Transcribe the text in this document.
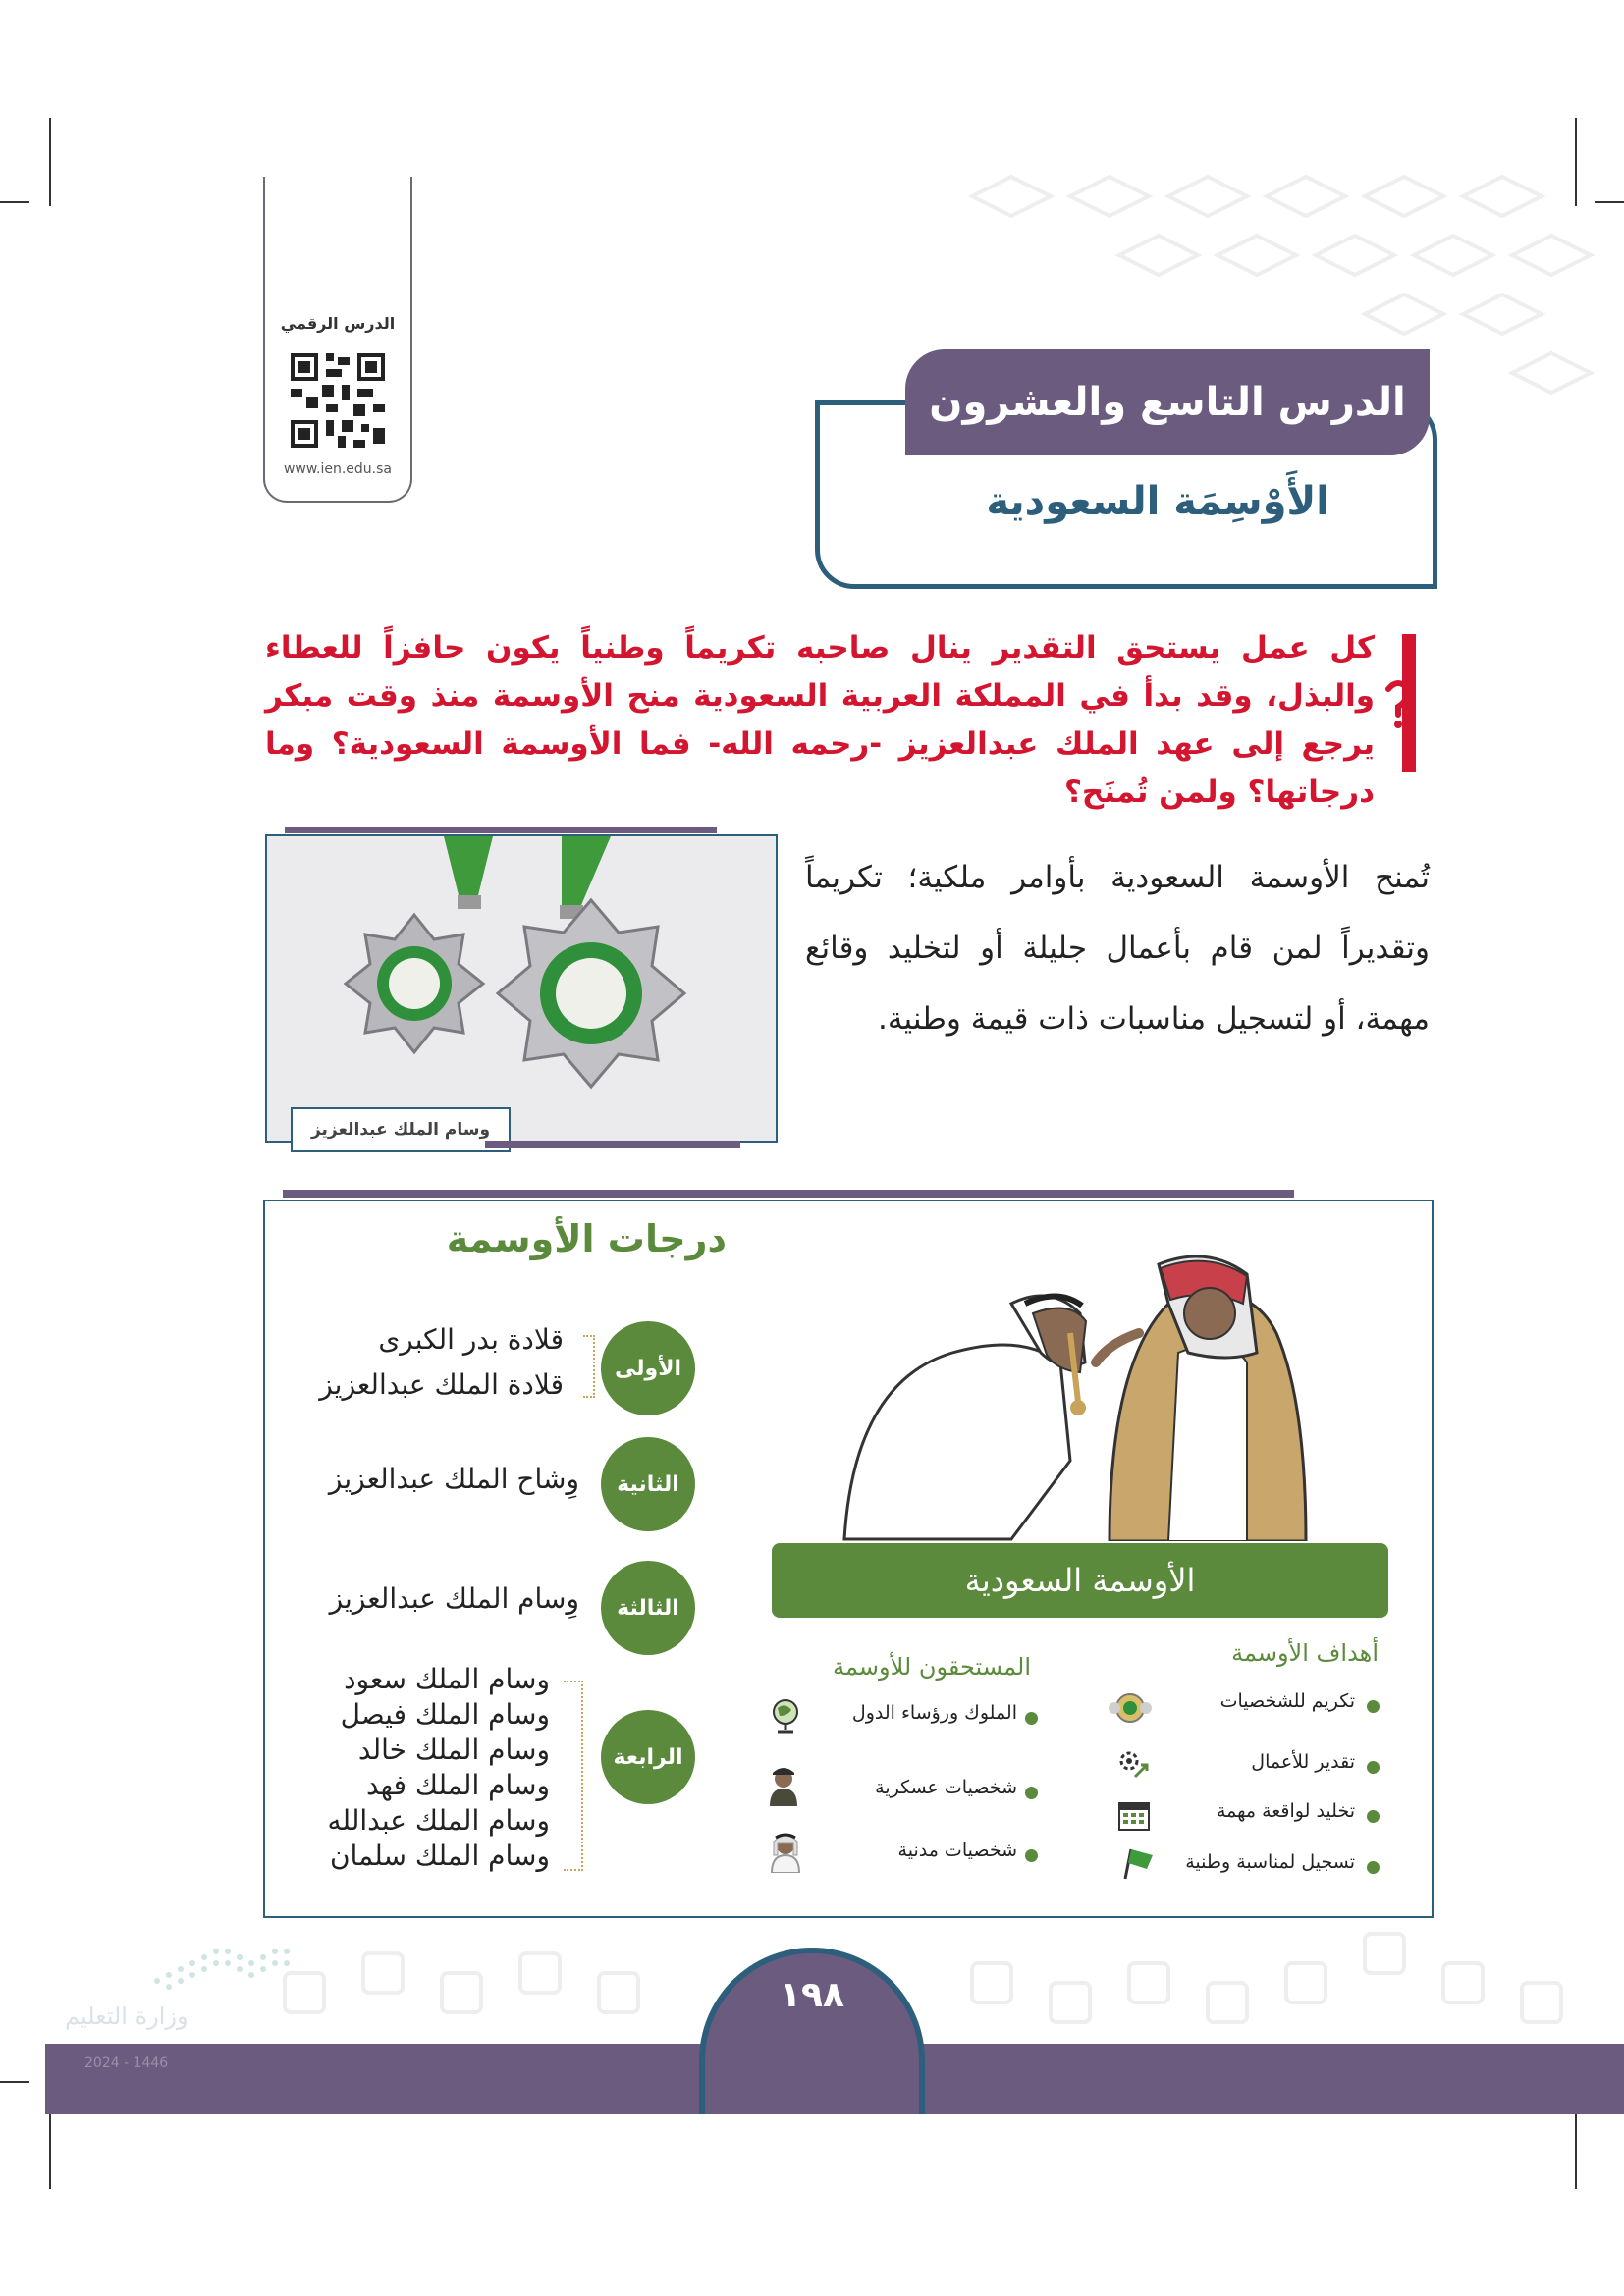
الدرس الرقمي
www.ien.edu.sa
الدرس التاسع والعشرون
الأَوْسِمَة السعودية
كل عمل يستحق التقدير ينال صاحبه تكريماً وطنياً يكون حافزاً للعطاء والبذل، وقد بدأ في المملكة العربية السعودية منح الأوسمة منذ وقت مبكر يرجع إلى عهد الملك عبدالعزيز -رحمه الله- فما الأوسمة السعودية؟ وما درجاتها؟ ولمن تُمنَح؟
وسام الملك عبدالعزيز
تُمنح الأوسمة السعودية بأوامر ملكية؛ تكريماً وتقديراً لمن قام بأعمال جليلة أو لتخليد وقائع مهمة، أو لتسجيل مناسبات ذات قيمة وطنية.
درجات الأوسمة
الأولى
قلادة بدر الكبرى
قلادة الملك عبدالعزيز
الثانية
وِشاح الملك عبدالعزيز
الثالثة
وِسام الملك عبدالعزيز
الرابعة
وسام الملك سعود
وسام الملك فيصل
وسام الملك خالد
وسام الملك فهد
وسام الملك عبدالله
وسام الملك سلمان
الأوسمة السعودية
أهداف الأوسمة
تكريم للشخصيات
تقدير للأعمال
تخليد لواقعة مهمة
تسجيل لمناسبة وطنية
المستحقون للأوسمة
الملوك ورؤساء الدول
شخصيات عسكرية
شخصيات مدنية
١٩٨
وزارة التعليم
2024 - 1446
